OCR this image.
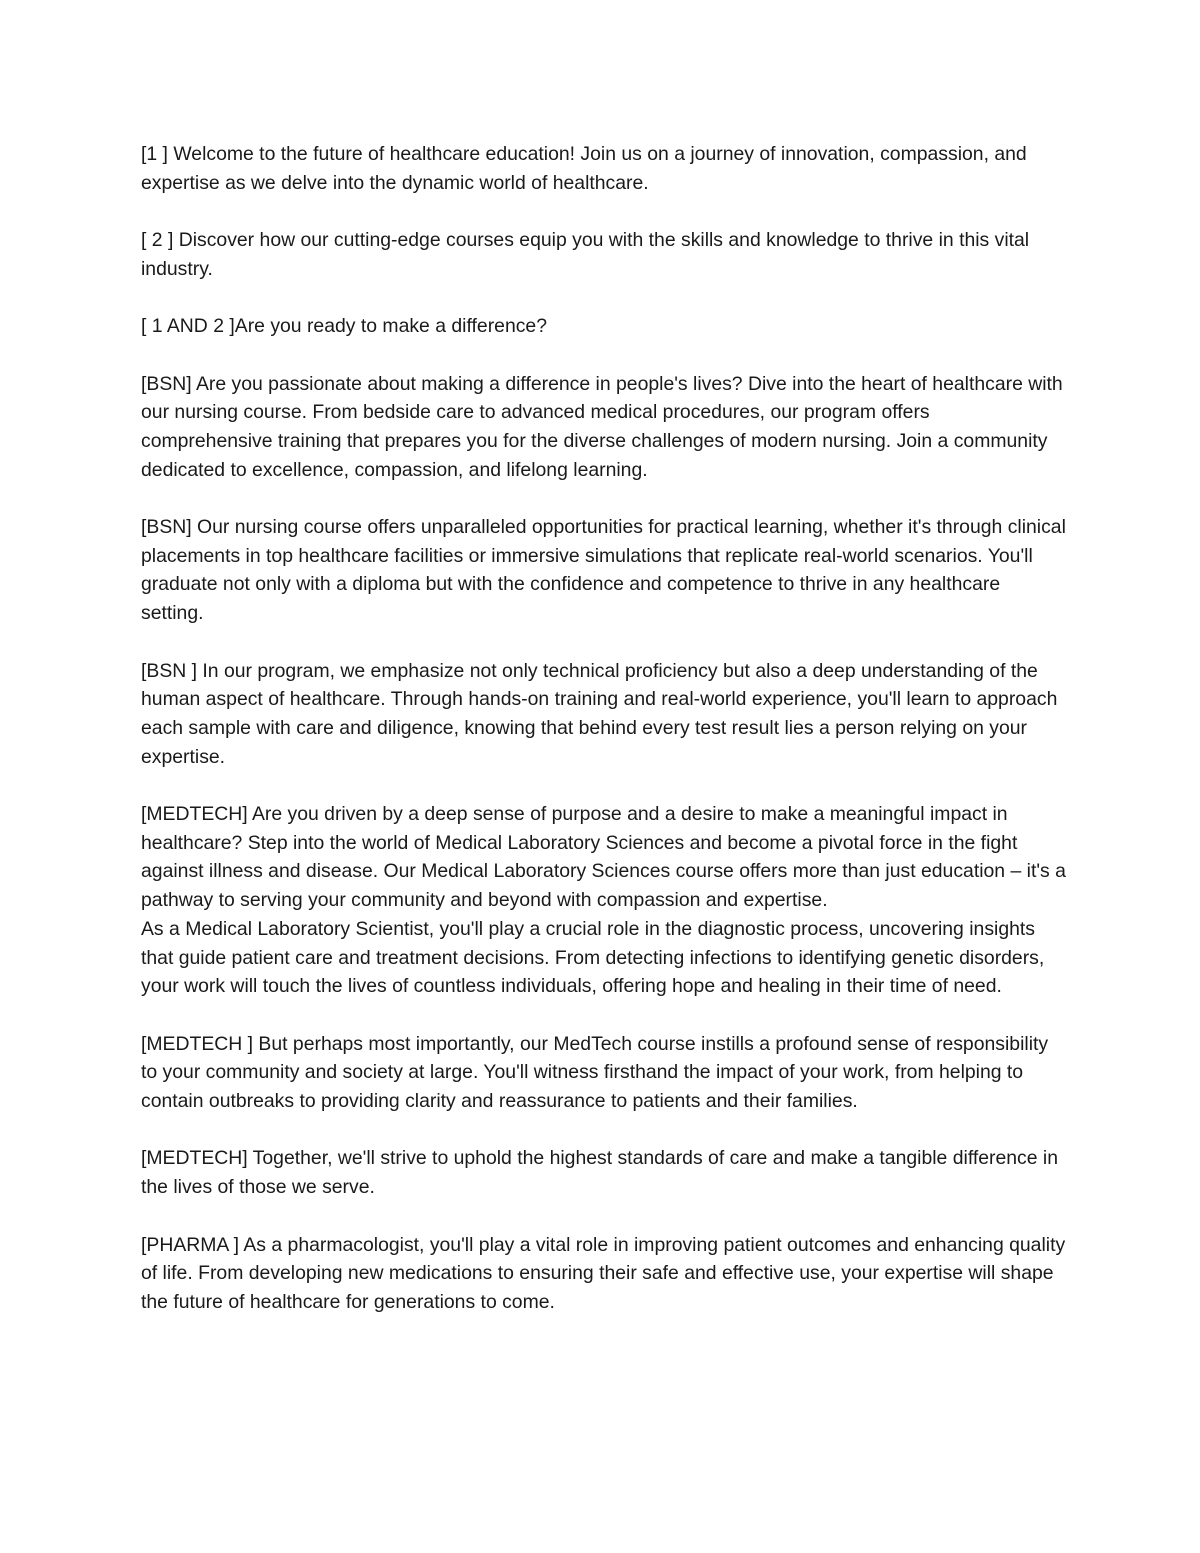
[1 ] Welcome to the future of healthcare education! Join us on a journey of innovation, compassion, and expertise as we delve into the dynamic world of healthcare.

[ 2 ] Discover how our cutting-edge courses equip you with the skills and knowledge to thrive in this vital industry.

[ 1 AND 2 ]Are you ready to make a difference?

[BSN] Are you passionate about making a difference in people's lives? Dive into the heart of healthcare with our nursing course. From bedside care to advanced medical procedures, our program offers comprehensive training that prepares you for the diverse challenges of modern nursing. Join a community dedicated to excellence, compassion, and lifelong learning.

[BSN] Our nursing course offers unparalleled opportunities for practical learning, whether it's through clinical placements in top healthcare facilities or immersive simulations that replicate real-world scenarios. You'll graduate not only with a diploma but with the confidence and competence to thrive in any healthcare setting.

[BSN ] In our program, we emphasize not only technical proficiency but also a deep understanding of the human aspect of healthcare. Through hands-on training and real-world experience, you'll learn to approach each sample with care and diligence, knowing that behind every test result lies a person relying on your expertise.

[MEDTECH] Are you driven by a deep sense of purpose and a desire to make a meaningful impact in healthcare? Step into the world of Medical Laboratory Sciences and become a pivotal force in the fight against illness and disease. Our Medical Laboratory Sciences course offers more than just education – it's a pathway to serving your community and beyond with compassion and expertise.

As a Medical Laboratory Scientist, you'll play a crucial role in the diagnostic process, uncovering insights that guide patient care and treatment decisions. From detecting infections to identifying genetic disorders, your work will touch the lives of countless individuals, offering hope and healing in their time of need.

[MEDTECH ] But perhaps most importantly, our MedTech course instills a profound sense of responsibility to your community and society at large. You'll witness firsthand the impact of your work, from helping to contain outbreaks to providing clarity and reassurance to patients and their families.

[MEDTECH] Together, we'll strive to uphold the highest standards of care and make a tangible difference in the lives of those we serve.

[PHARMA ] As a pharmacologist, you'll play a vital role in improving patient outcomes and enhancing quality of life. From developing new medications to ensuring their safe and effective use, your expertise will shape the future of healthcare for generations to come.
